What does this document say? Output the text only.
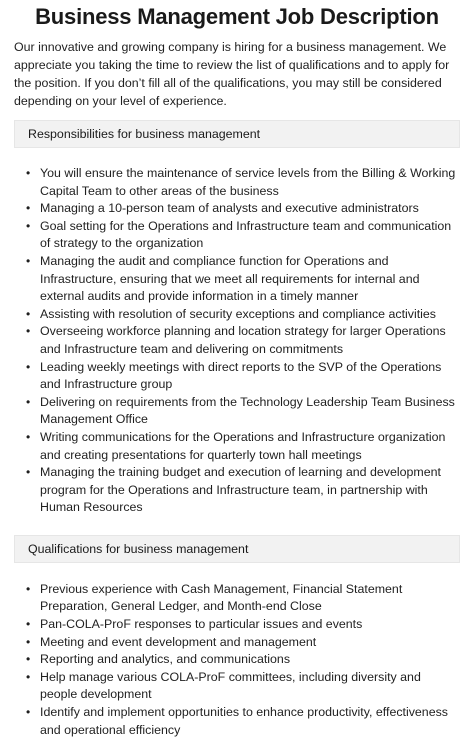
Business Management Job Description

Our innovative and growing company is hiring for a business management. We appreciate you taking the time to review the list of qualifications and to apply for the position. If you don’t fill all of the qualifications, you may still be considered depending on your level of experience.

Responsibilities for business management
• You will ensure the maintenance of service levels from the Billing & Working Capital Team to other areas of the business
• Managing a 10-person team of analysts and executive administrators
• Goal setting for the Operations and Infrastructure team and communication of strategy to the organization
• Managing the audit and compliance function for Operations and Infrastructure, ensuring that we meet all requirements for internal and external audits and provide information in a timely manner
• Assisting with resolution of security exceptions and compliance activities
• Overseeing workforce planning and location strategy for larger Operations and Infrastructure team and delivering on commitments
• Leading weekly meetings with direct reports to the SVP of the Operations and Infrastructure group
• Delivering on requirements from the Technology Leadership Team Business Management Office
• Writing communications for the Operations and Infrastructure organization and creating presentations for quarterly town hall meetings
• Managing the training budget and execution of learning and development program for the Operations and Infrastructure team, in partnership with Human Resources
Qualifications for business management
• Previous experience with Cash Management, Financial Statement Preparation, General Ledger, and Month-end Close
• Pan-COLA-ProF responses to particular issues and events
• Meeting and event development and management
• Reporting and analytics, and communications
• Help manage various COLA-ProF committees, including diversity and people development
• Identify and implement opportunities to enhance productivity, effectiveness and operational efficiency
